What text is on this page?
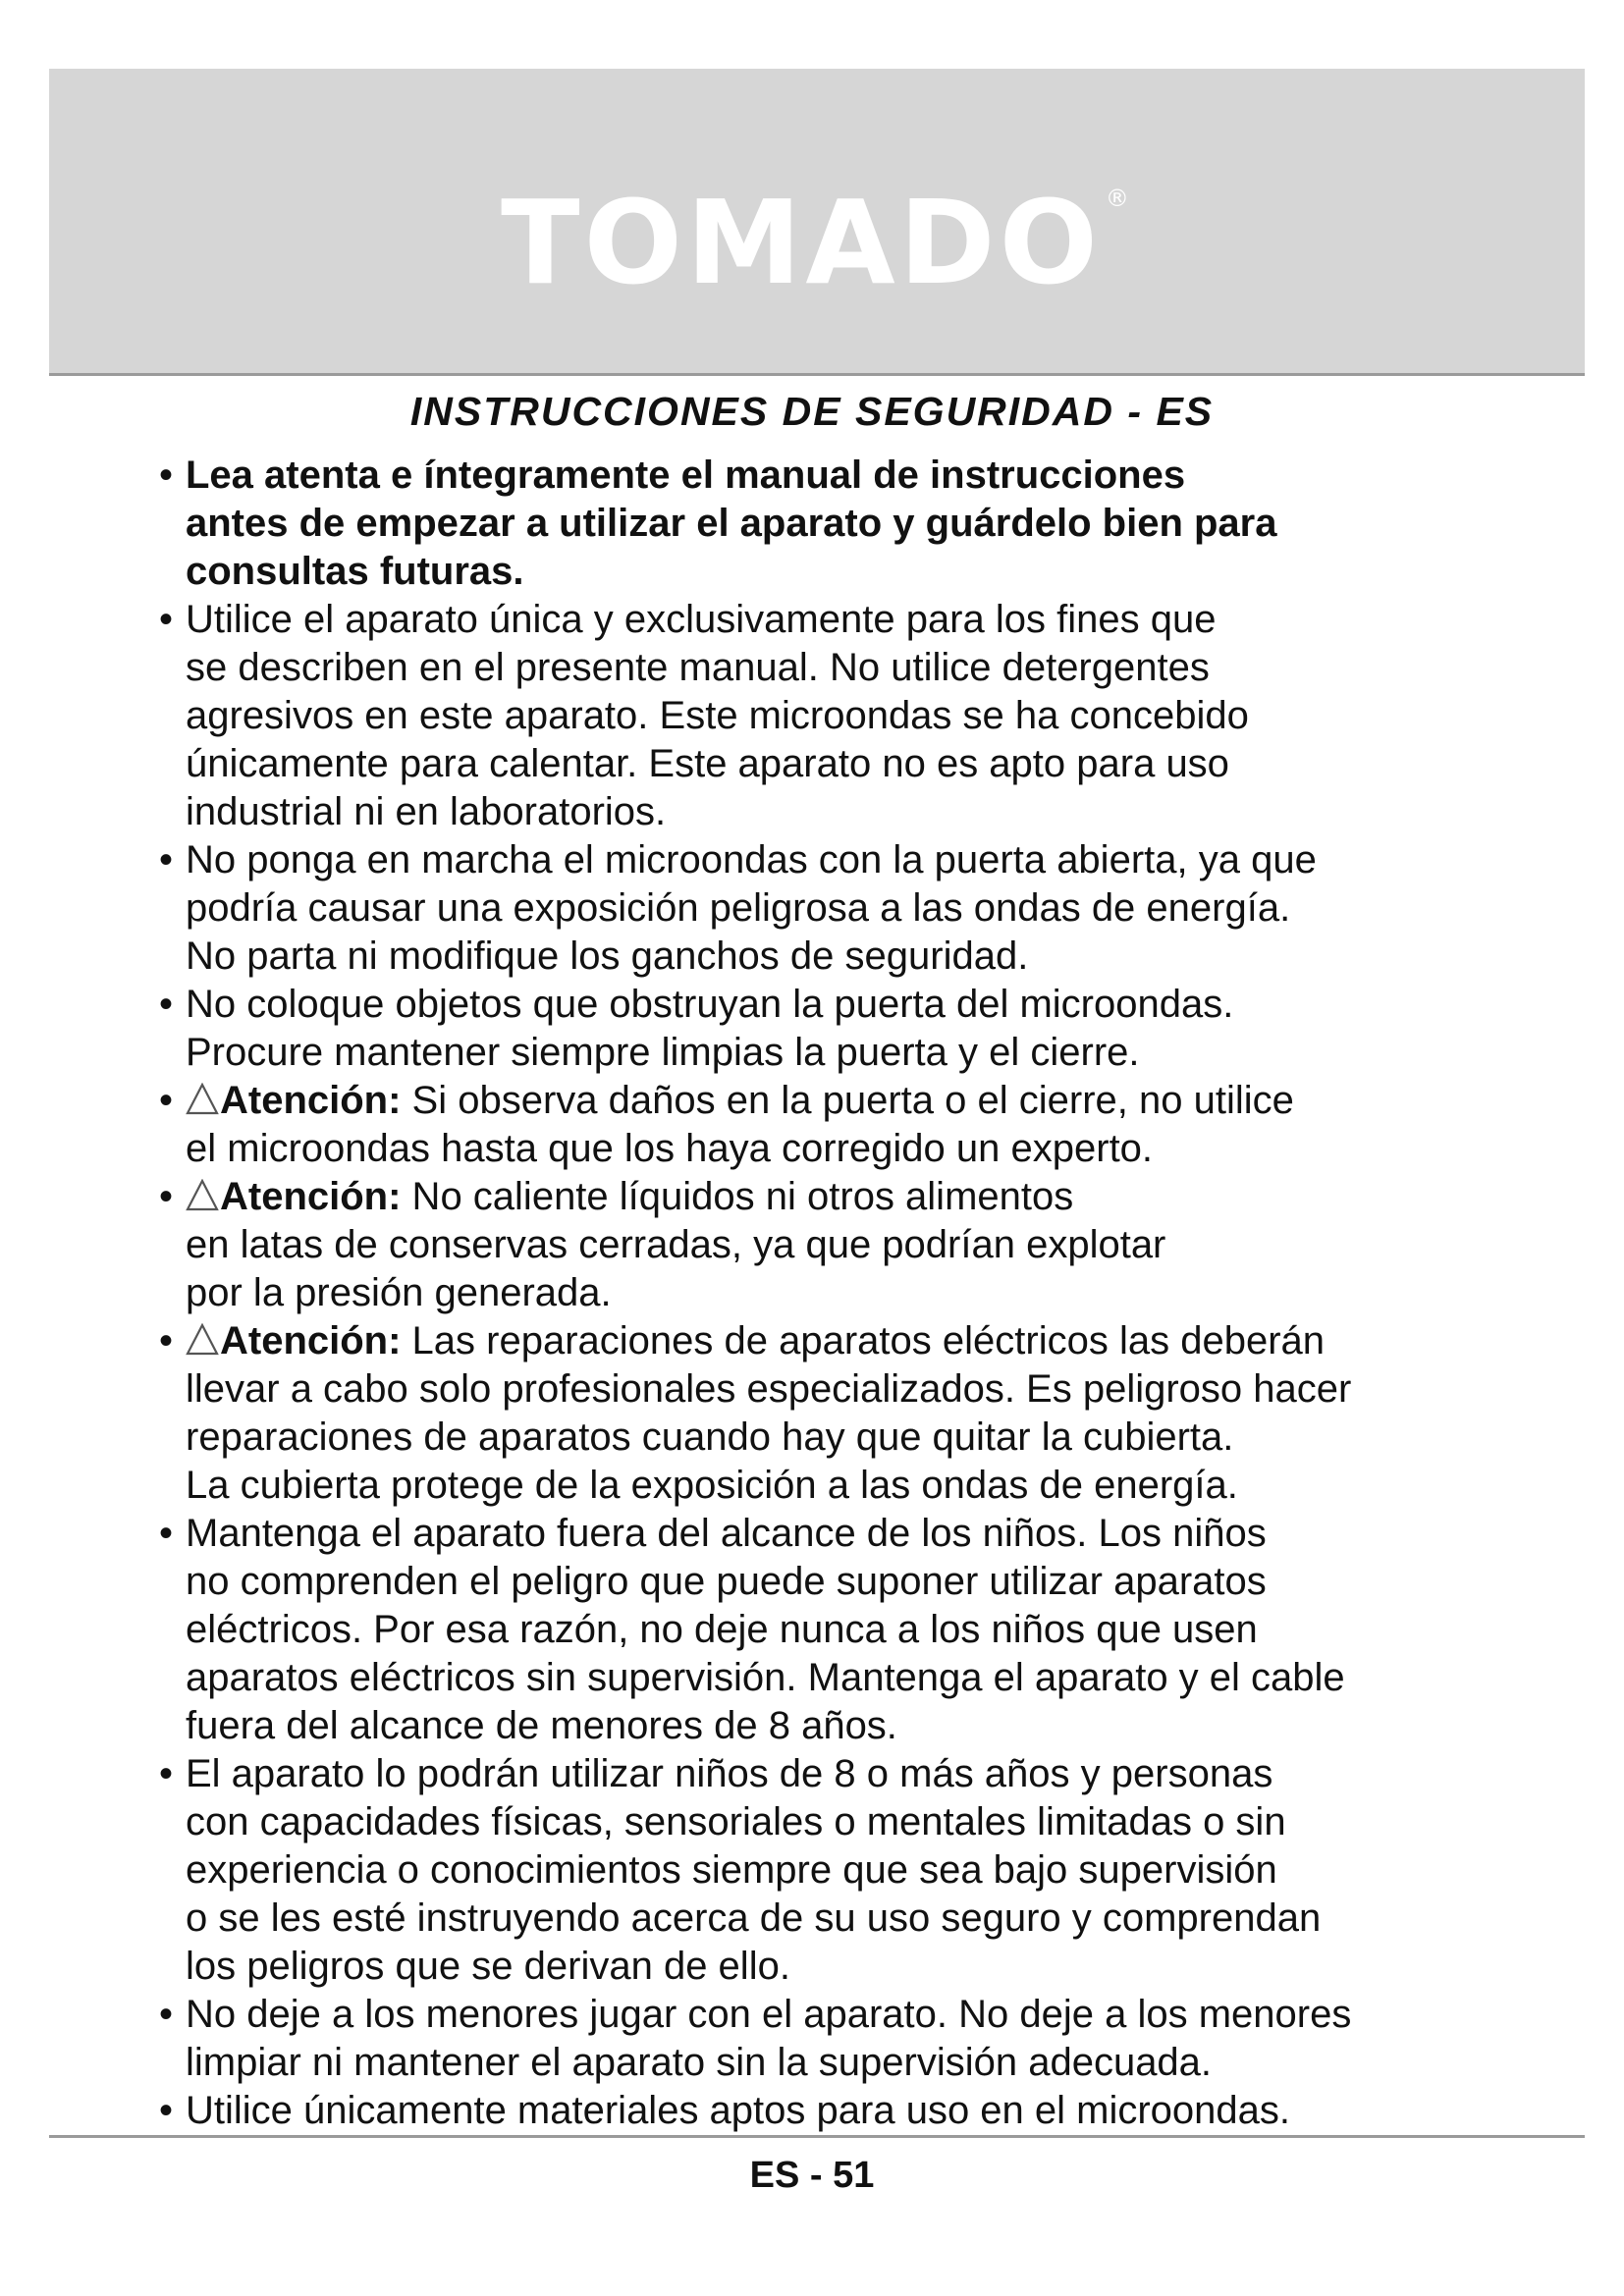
TOMADO ®
INSTRUCCIONES DE SEGURIDAD - ES
• Lea atenta e íntegramente el manual de instrucciones
antes de empezar a utilizar el aparato y guárdelo bien para
consultas futuras.
• Utilice el aparato única y exclusivamente para los fines que
se describen en el presente manual. No utilice detergentes
agresivos en este aparato. Este microondas se ha concebido
únicamente para calentar. Este aparato no es apto para uso
industrial ni en laboratorios.
• No ponga en marcha el microondas con la puerta abierta, ya que
podría causar una exposición peligrosa a las ondas de energía.
No parta ni modifique los ganchos de seguridad.
• No coloque objetos que obstruyan la puerta del microondas.
Procure mantener siempre limpias la puerta y el cierre.
• Atención: Si observa daños en la puerta o el cierre, no utilice
el microondas hasta que los haya corregido un experto.
• Atención: No caliente líquidos ni otros alimentos
en latas de conservas cerradas, ya que podrían explotar
por la presión generada.
• Atención: Las reparaciones de aparatos eléctricos las deberán
llevar a cabo solo profesionales especializados. Es peligroso hacer
reparaciones de aparatos cuando hay que quitar la cubierta.
La cubierta protege de la exposición a las ondas de energía.
• Mantenga el aparato fuera del alcance de los niños. Los niños
no comprenden el peligro que puede suponer utilizar aparatos
eléctricos. Por esa razón, no deje nunca a los niños que usen
aparatos eléctricos sin supervisión. Mantenga el aparato y el cable
fuera del alcance de menores de 8 años.
• El aparato lo podrán utilizar niños de 8 o más años y personas
con capacidades físicas, sensoriales o mentales limitadas o sin
experiencia o conocimientos siempre que sea bajo supervisión
o se les esté instruyendo acerca de su uso seguro y comprendan
los peligros que se derivan de ello.
• No deje a los menores jugar con el aparato. No deje a los menores
limpiar ni mantener el aparato sin la supervisión adecuada.
• Utilice únicamente materiales aptos para uso en el microondas.
ES - 51
